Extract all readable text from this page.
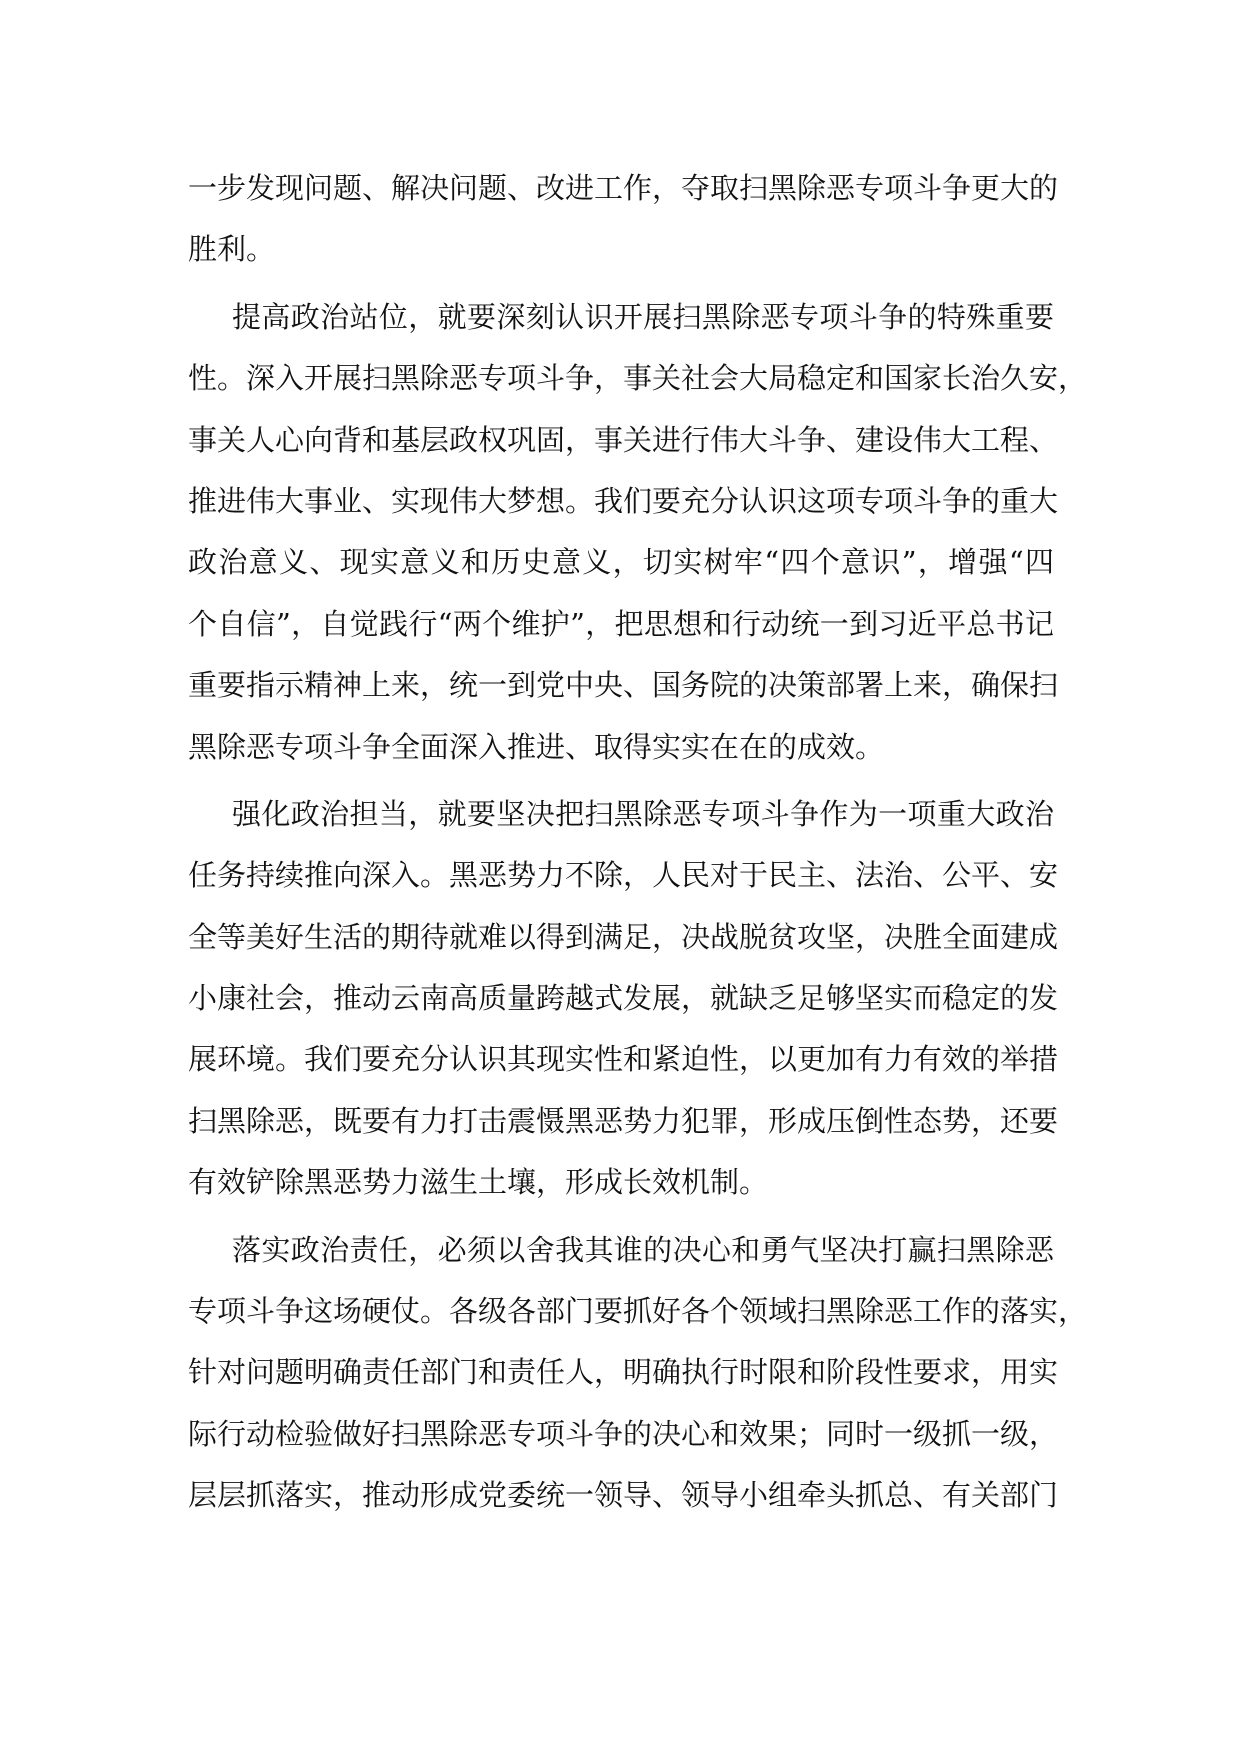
一步发现问题、解决问题、改进工作，夺取扫黑除恶专项斗争更大的
胜利。
提高政治站位，就要深刻认识开展扫黑除恶专项斗争的特殊重要
性。深入开展扫黑除恶专项斗争，事关社会大局稳定和国家长治久安，
事关人心向背和基层政权巩固，事关进行伟大斗争、建设伟大工程、
推进伟大事业、实现伟大梦想。我们要充分认识这项专项斗争的重大
政治意义、现实意义和历史意义，切实树牢“四个意识”，增强“四
个自信”，自觉践行“两个维护”，把思想和行动统一到习近平总书记
重要指示精神上来，统一到党中央、国务院的决策部署上来，确保扫
黑除恶专项斗争全面深入推进、取得实实在在的成效。
强化政治担当，就要坚决把扫黑除恶专项斗争作为一项重大政治
任务持续推向深入。黑恶势力不除，人民对于民主、法治、公平、安
全等美好生活的期待就难以得到满足，决战脱贫攻坚，决胜全面建成
小康社会，推动云南高质量跨越式发展，就缺乏足够坚实而稳定的发
展环境。我们要充分认识其现实性和紧迫性，以更加有力有效的举措
扫黑除恶，既要有力打击震慑黑恶势力犯罪，形成压倒性态势，还要
有效铲除黑恶势力滋生土壤，形成长效机制。
落实政治责任，必须以舍我其谁的决心和勇气坚决打赢扫黑除恶
专项斗争这场硬仗。各级各部门要抓好各个领域扫黑除恶工作的落实，
针对问题明确责任部门和责任人，明确执行时限和阶段性要求，用实
际行动检验做好扫黑除恶专项斗争的决心和效果；同时一级抓一级，
层层抓落实，推动形成党委统一领导、领导小组牵头抓总、有关部门
